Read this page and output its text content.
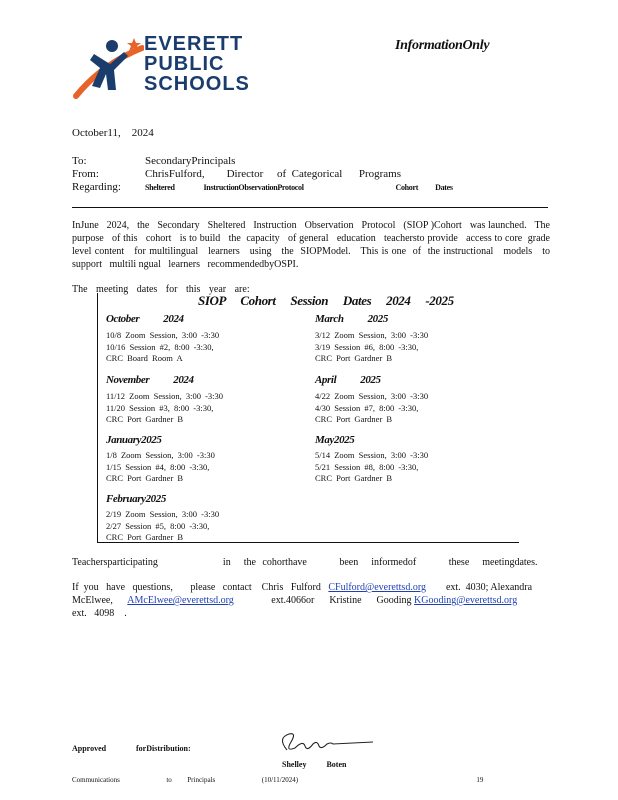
EVERETT
PUBLIC
SCHOOLS
InformationOnly
October11,    2024
To:	SecondaryPrincipals
From:	ChrisFulford,        Director     of  Categorical      Programs
Regarding:	Sheltered                 InstructionObservationProtocol                                                      Cohort          Dates

InJune   2024,   the   Secondary   Sheltered   Instruction   Observation   Protocol   (SIOP )Cohort   was launched.   The   purpose   of this   cohort   is to build   the  capacity   of general   education   teachersto provide   access to core  grade  level content   for multilingual   learners   using   the  SIOPModel.   This is one  of  the instructional   models   to support   multili ngual   learners   recommendedbyOSPI.

The meeting dates for this year are:
SIOP Cohort Session Dates 2024 -2025
October 2024
10/8 Zoom Session, 3:00 -3:30
10/16 Session #2, 8:00 -3:30,
CRC Board Room A
November 2024
11/12 Zoom Session, 3:00 -3:30
11/20 Session #3, 8:00 -3:30,
CRC Port Gardner B
January2025
1/8 Zoom Session, 3:00 -3:30
1/15 Session #4, 8:00 -3:30,
CRC Port Gardner B
February2025
2/19 Zoom Session, 3:00 -3:30
2/27 Session #5, 8:00 -3:30,
CRC Port Gardner B
March 2025
3/12 Zoom Session, 3:00 -3:30
3/19 Session #6, 8:00 -3:30,
CRC Port Gardner B
April 2025
4/22 Zoom Session, 3:00 -3:30
4/30 Session #7, 8:00 -3:30,
CRC Port Gardner B
May2025
5/14 Zoom Session, 3:00 -3:30
5/21 Session #8, 8:00 -3:30,
CRC Port Gardner B
Teachersparticipating          in  the cohorthave     been  informedof     these  meetingdates.
If  you   have   questions,       please   contact    Chris   Fulford   CFulford@everettsd.org        ext.  4030; Alexandra      McElwee,      AMcElwee@everettsd.org               ext.4066or      Kristine      Gooding KGooding@everettsd.org            ext.   4098    .
Approved	forDistribution:
Shelley Boten
Communications      to  Principals      (10/11/2024)                       19
